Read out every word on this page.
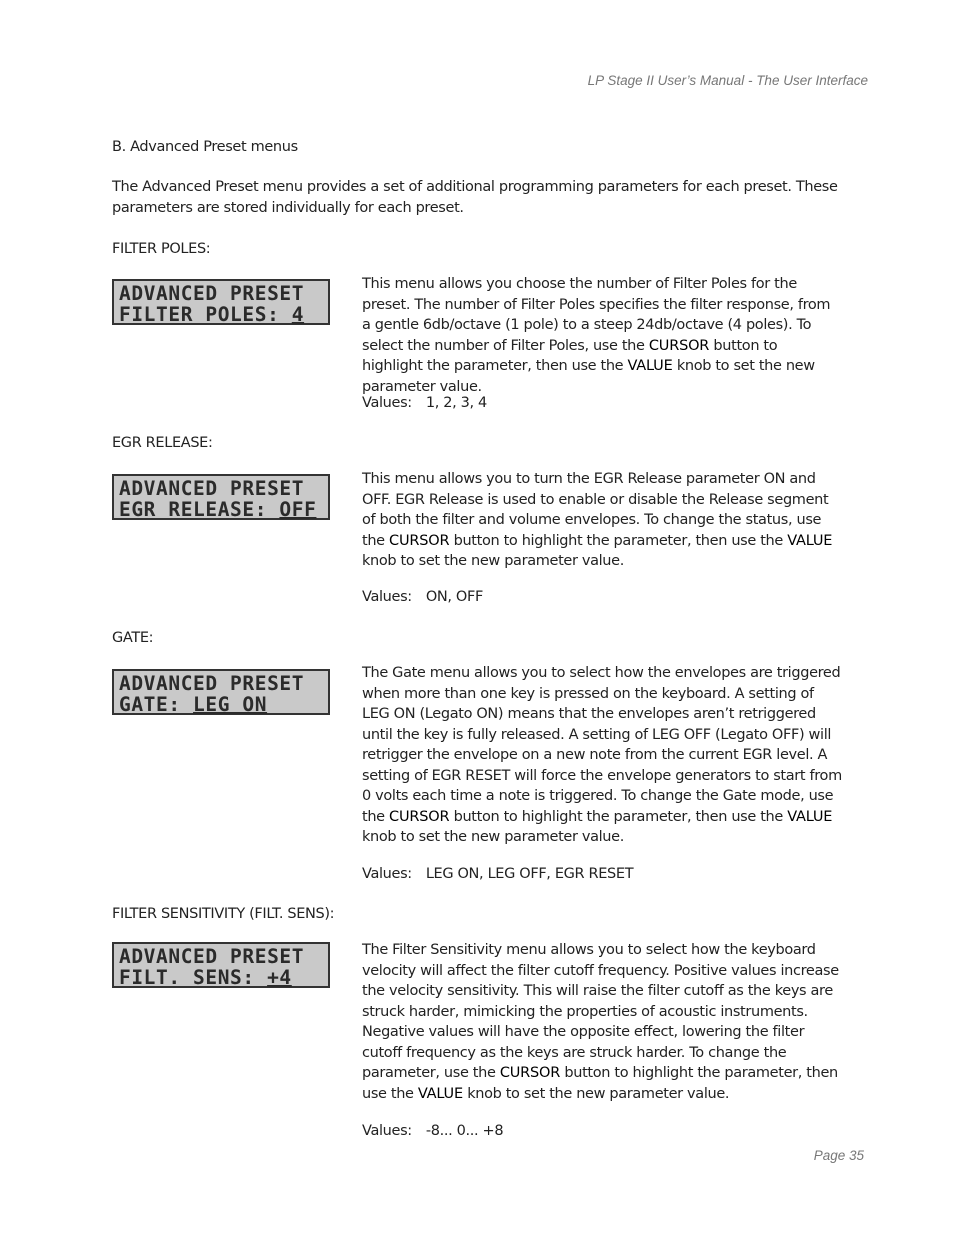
LP Stage II User’s Manual - The User Interface
B. Advanced Preset menus
The Advanced Preset menu provides a set of additional programming parameters for each preset. These parameters are stored individually for each preset.
FILTER POLES:
ADVANCED PRESET
FILTER POLES: 4
This menu allows you choose the number of Filter Poles for the preset. The number of Filter Poles specifies the filter response, from a gentle 6db/octave (1 pole) to a steep 24db/octave (4 poles). To select the number of Filter Poles, use the CURSOR button to highlight the parameter, then use the VALUE knob to set the new parameter value.
Values: 1, 2, 3, 4
EGR RELEASE:
ADVANCED PRESET
EGR RELEASE: OFF
This menu allows you to turn the EGR Release parameter ON and OFF. EGR Release is used to enable or disable the Release segment of both the filter and volume envelopes. To change the status, use the CURSOR button to highlight the parameter, then use the VALUE knob to set the new parameter value.
Values: ON, OFF
GATE:
ADVANCED PRESET
GATE: LEG ON
The Gate menu allows you to select how the envelopes are triggered when more than one key is pressed on the keyboard. A setting of LEG ON (Legato ON) means that the envelopes aren’t retriggered until the key is fully released. A setting of LEG OFF (Legato OFF) will retrigger the envelope on a new note from the current EGR level. A setting of EGR RESET will force the envelope generators to start from 0 volts each time a note is triggered. To change the Gate mode, use the CURSOR button to highlight the parameter, then use the VALUE knob to set the new parameter value.
Values: LEG ON, LEG OFF, EGR RESET
FILTER SENSITIVITY (FILT. SENS):
ADVANCED PRESET
FILT. SENS: +4
The Filter Sensitivity menu allows you to select how the keyboard velocity will affect the filter cutoff frequency. Positive values increase the velocity sensitivity. This will raise the filter cutoff as the keys are struck harder, mimicking the properties of acoustic instruments. Negative values will have the opposite effect, lowering the filter cutoff frequency as the keys are struck harder. To change the parameter, use the CURSOR button to highlight the parameter, then use the VALUE knob to set the new parameter value.
Values: -8... 0... +8
Page 35
